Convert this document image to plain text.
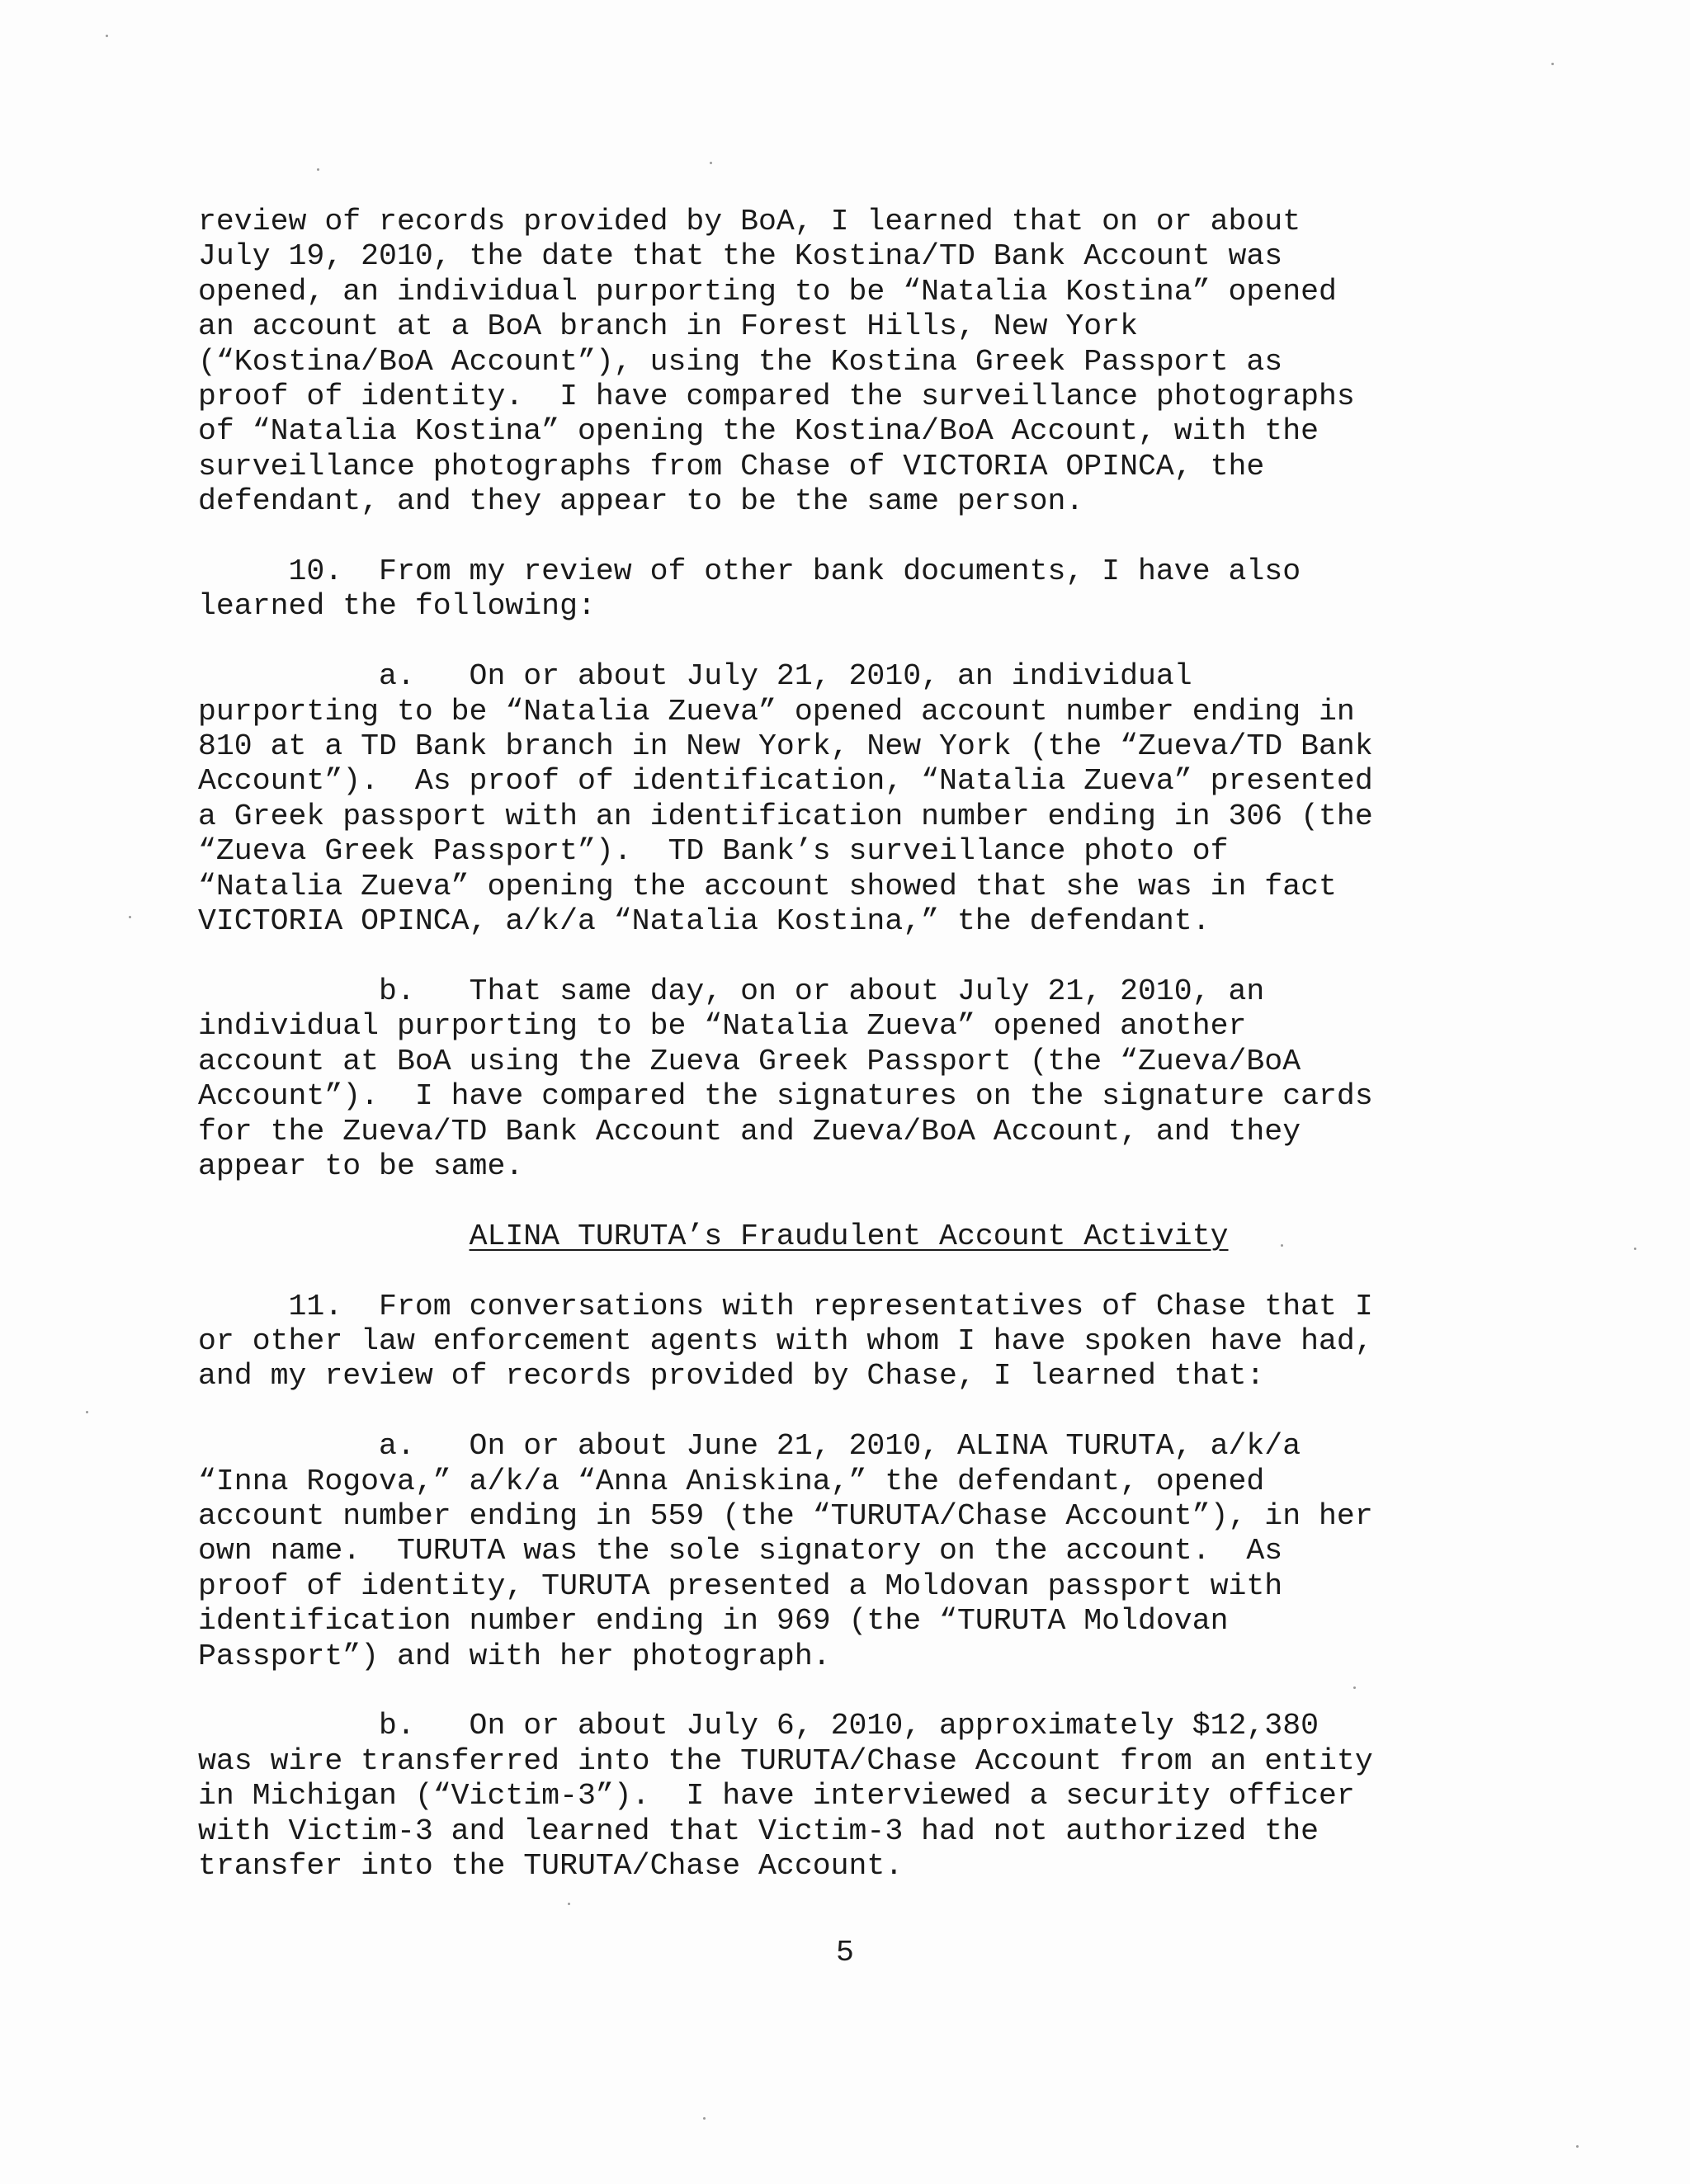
review of records provided by BoA, I learned that on or about
July 19, 2010, the date that the Kostina/TD Bank Account was
opened, an individual purporting to be “Natalia Kostina” opened
an account at a BoA branch in Forest Hills, New York
(“Kostina/BoA Account”), using the Kostina Greek Passport as
proof of identity.  I have compared the surveillance photographs
of “Natalia Kostina” opening the Kostina/BoA Account, with the
surveillance photographs from Chase of VICTORIA OPINCA, the
defendant, and they appear to be the same person.

10.  From my review of other bank documents, I have also
learned the following:

a.   On or about July 21, 2010, an individual
purporting to be “Natalia Zueva” opened account number ending in
810 at a TD Bank branch in New York, New York (the “Zueva/TD Bank
Account”).  As proof of identification, “Natalia Zueva” presented
a Greek passport with an identification number ending in 306 (the
“Zueva Greek Passport”).  TD Bank’s surveillance photo of
“Natalia Zueva” opening the account showed that she was in fact
VICTORIA OPINCA, a/k/a “Natalia Kostina,” the defendant.

b.   That same day, on or about July 21, 2010, an
individual purporting to be “Natalia Zueva” opened another
account at BoA using the Zueva Greek Passport (the “Zueva/BoA
Account”).  I have compared the signatures on the signature cards
for the Zueva/TD Bank Account and Zueva/BoA Account, and they
appear to be same.

ALINA TURUTA’s Fraudulent Account Activity

11.  From conversations with representatives of Chase that I
or other law enforcement agents with whom I have spoken have had,
and my review of records provided by Chase, I learned that:

a.   On or about June 21, 2010, ALINA TURUTA, a/k/a
“Inna Rogova,” a/k/a “Anna Aniskina,” the defendant, opened
account number ending in 559 (the “TURUTA/Chase Account”), in her
own name.  TURUTA was the sole signatory on the account.  As
proof of identity, TURUTA presented a Moldovan passport with
identification number ending in 969 (the “TURUTA Moldovan
Passport”) and with her photograph.

b.   On or about July 6, 2010, approximately $12,380
was wire transferred into the TURUTA/Chase Account from an entity
in Michigan (“Victim-3”).  I have interviewed a security officer
with Victim-3 and learned that Victim-3 had not authorized the
transfer into the TURUTA/Chase Account.

5
